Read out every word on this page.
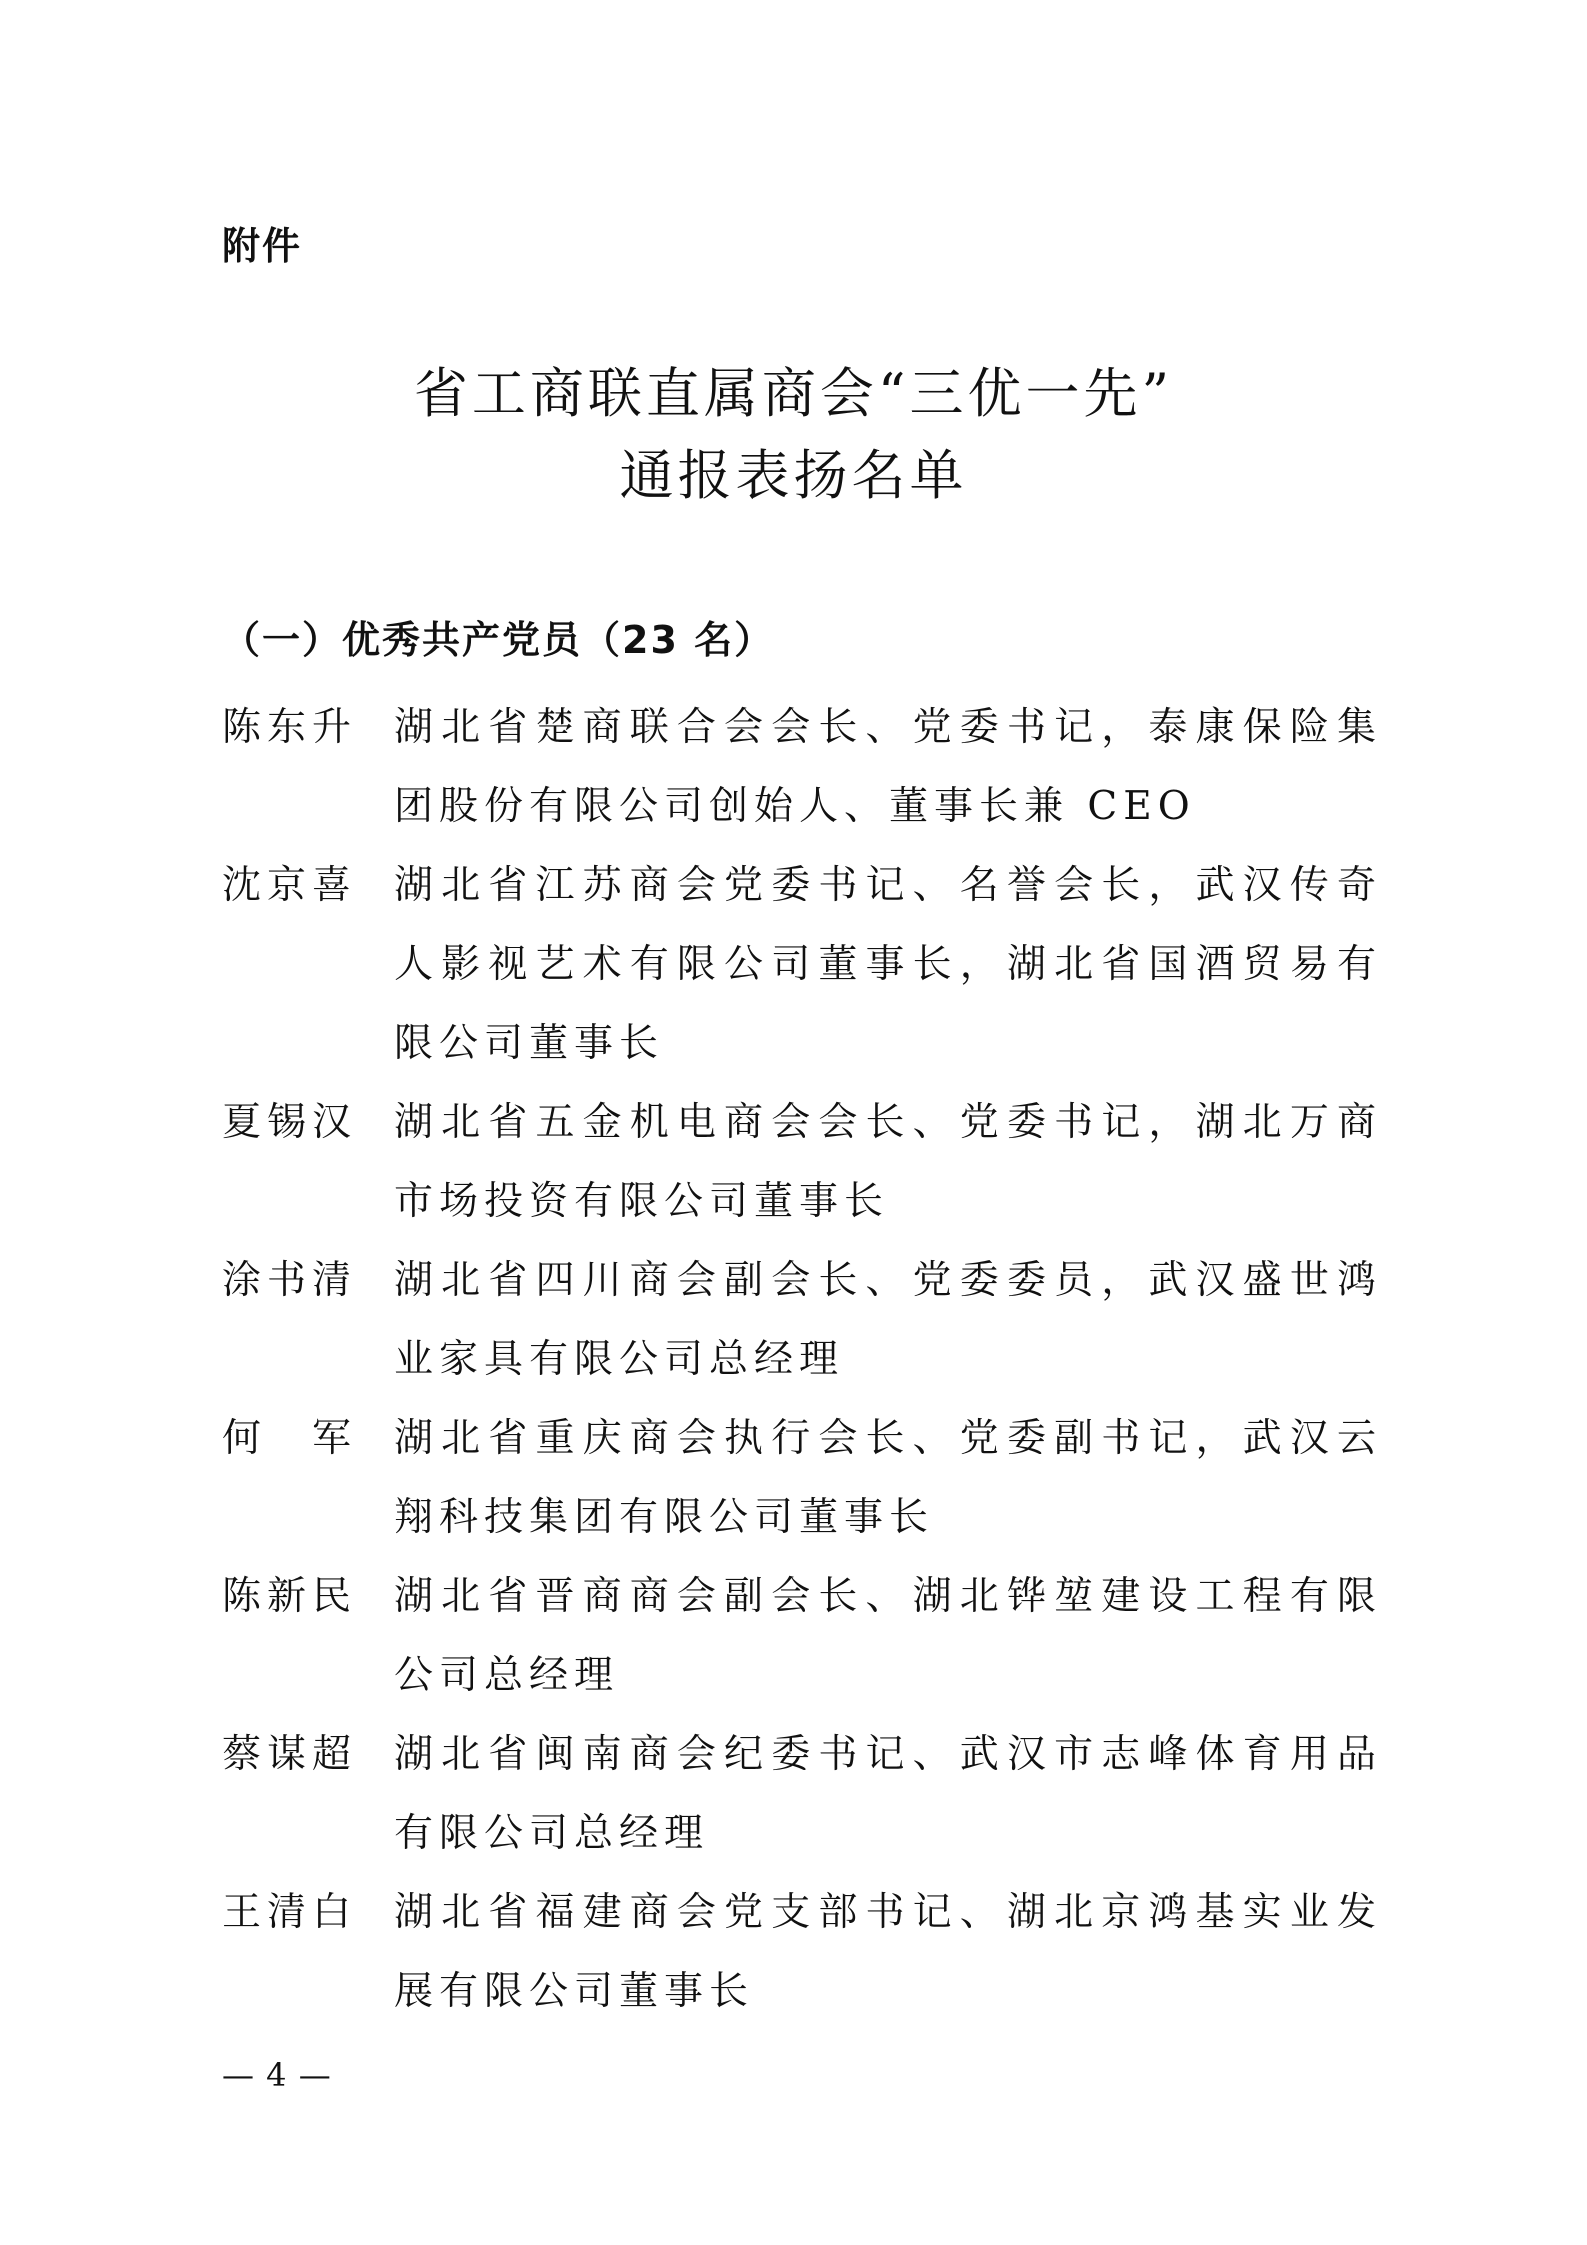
附件
省工商联直属商会“三优一先”
通报表扬名单
（一）优秀共产党员（23 名）
陈东升 湖北省楚商联合会会长、党委书记，泰康保险集团股份有限公司创始人、董事长兼 CEO
沈京喜 湖北省江苏商会党委书记、名誉会长，武汉传奇人影视艺术有限公司董事长，湖北省国酒贸易有限公司董事长
夏锡汉 湖北省五金机电商会会长、党委书记，湖北万商市场投资有限公司董事长
涂书清 湖北省四川商会副会长、党委委员，武汉盛世鸿业家具有限公司总经理
何　军 湖北省重庆商会执行会长、党委副书记，武汉云翔科技集团有限公司董事长
陈新民 湖北省晋商商会副会长、湖北铧堃建设工程有限公司总经理
蔡谋超 湖北省闽南商会纪委书记、武汉市志峰体育用品有限公司总经理
王清白 湖北省福建商会党支部书记、湖北京鸿基实业发展有限公司董事长
— 4 —
